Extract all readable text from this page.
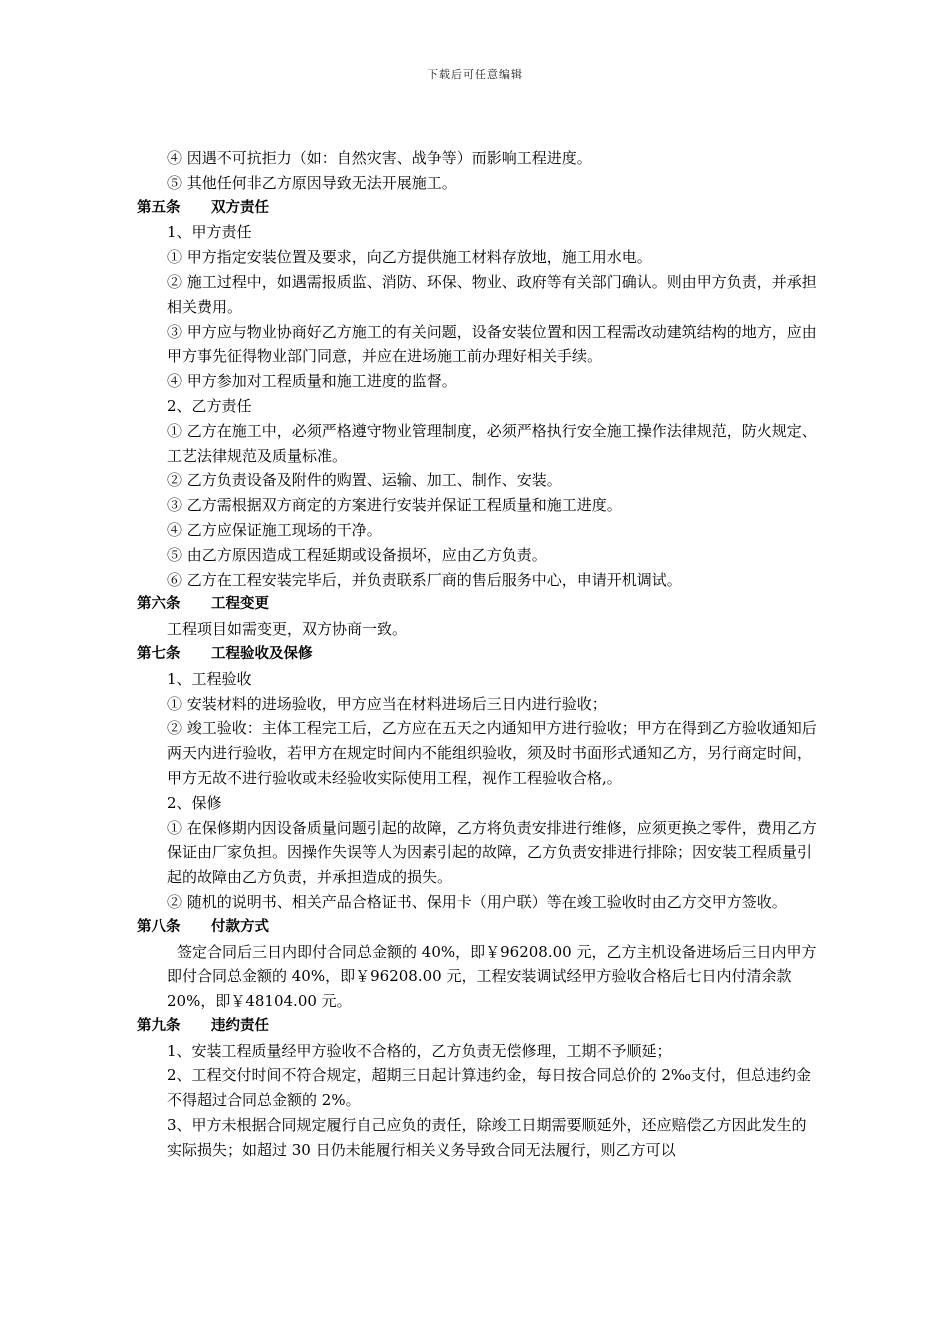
下载后可任意编辑
④ 因遇不可抗拒力（如：自然灾害、战争等）而影响工程进度。
⑤ 其他任何非乙方原因导致无法开展施工。
第五条 双方责任
1、甲方责任
① 甲方指定安装位置及要求，向乙方提供施工材料存放地，施工用水电。
② 施工过程中，如遇需报质监、消防、环保、物业、政府等有关部门确认。则由甲方负责，并承担相关费用。
③ 甲方应与物业协商好乙方施工的有关问题，设备安装位置和因工程需改动建筑结构的地方，应由甲方事先征得物业部门同意，并应在进场施工前办理好相关手续。
④ 甲方参加对工程质量和施工进度的监督。
2、乙方责任
① 乙方在施工中，必须严格遵守物业管理制度，必须严格执行安全施工操作法律规范，防火规定、工艺法律规范及质量标准。
② 乙方负责设备及附件的购置、运输、加工、制作、安装。
③ 乙方需根据双方商定的方案进行安装并保证工程质量和施工进度。
④ 乙方应保证施工现场的干净。
⑤ 由乙方原因造成工程延期或设备损坏，应由乙方负责。
⑥ 乙方在工程安装完毕后，并负责联系厂商的售后服务中心，申请开机调试。
第六条 工程变更
工程项目如需变更，双方协商一致。
第七条 工程验收及保修
1、工程验收
① 安装材料的进场验收，甲方应当在材料进场后三日内进行验收；
② 竣工验收：主体工程完工后，乙方应在五天之内通知甲方进行验收；甲方在得到乙方验收通知后两天内进行验收，若甲方在规定时间内不能组织验收，须及时书面形式通知乙方，另行商定时间，甲方无故不进行验收或未经验收实际使用工程，视作工程验收合格,。
2、保修
① 在保修期内因设备质量问题引起的故障，乙方将负责安排进行维修，应须更换之零件，费用乙方保证由厂家负担。因操作失误等人为因素引起的故障，乙方负责安排进行排除；因安装工程质量引起的故障由乙方负责，并承担造成的损失。
② 随机的说明书、相关产品合格证书、保用卡（用户联）等在竣工验收时由乙方交甲方签收。
第八条 付款方式
签定合同后三日内即付合同总金额的 40%，即￥96208.00 元，乙方主机设备进场后三日内甲方即付合同总金额的 40%，即￥96208.00 元，工程安装调试经甲方验收合格后七日内付清余款 20%，即￥48104.00 元。
第九条 违约责任
1、安装工程质量经甲方验收不合格的，乙方负责无偿修理，工期不予顺延；
2、工程交付时间不符合规定，超期三日起计算违约金，每日按合同总价的 2‰支付，但总违约金不得超过合同总金额的 2%。
3、甲方未根据合同规定履行自己应负的责任，除竣工日期需要顺延外，还应赔偿乙方因此发生的实际损失；如超过 30 日仍未能履行相关义务导致合同无法履行，则乙方可以
